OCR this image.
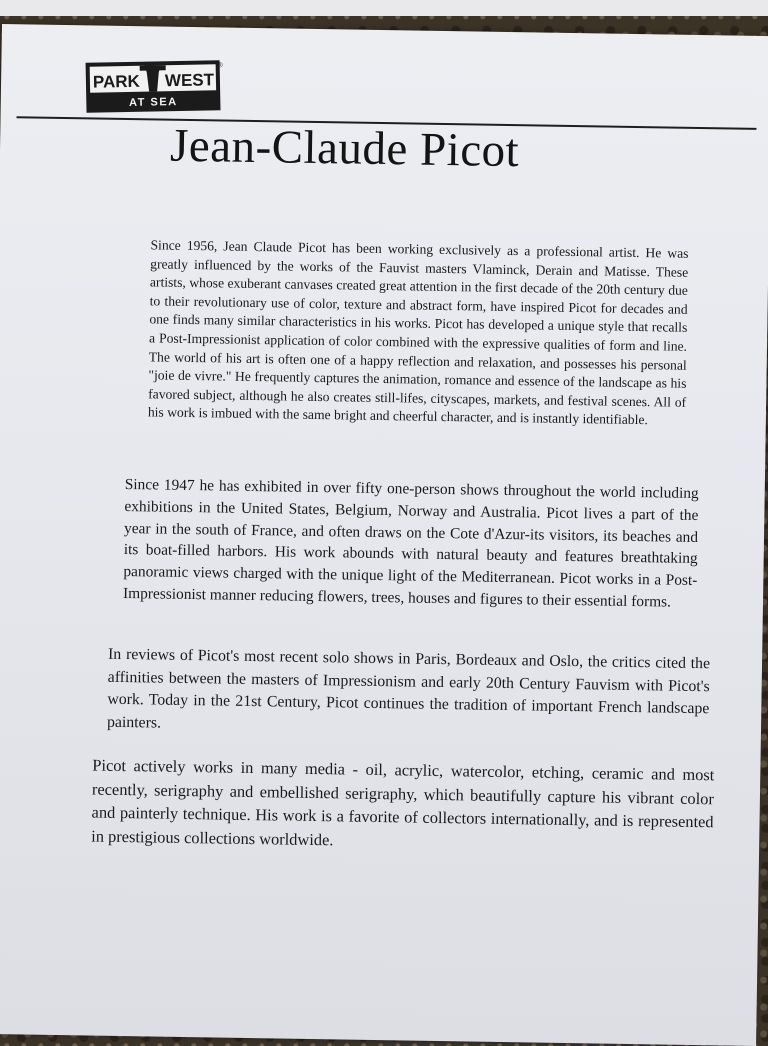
PARK WEST
AT SEA
®
Jean-Claude Picot

Since 1956, Jean Claude Picot has been working exclusively as a professional artist. He was greatly influenced by the works of the Fauvist masters Vlaminck, Derain and Matisse. These artists, whose exuberant canvases created great attention in the first decade of the 20th century due to their revolutionary use of color, texture and abstract form, have inspired Picot for decades and one finds many similar characteristics in his works. Picot has developed a unique style that recalls a Post-Impressionist application of color combined with the expressive qualities of form and line. The world of his art is often one of a happy reflection and relaxation, and possesses his personal "joie de vivre." He frequently captures the animation, romance and essence of the landscape as his favored subject, although he also creates still-lifes, cityscapes, markets, and festival scenes. All of his work is imbued with the same bright and cheerful character, and is instantly identifiable.

Since 1947 he has exhibited in over fifty one-person shows throughout the world including exhibitions in the United States, Belgium, Norway and Australia. Picot lives a part of the year in the south of France, and often draws on the Cote d'Azur-its visitors, its beaches and its boat-filled harbors. His work abounds with natural beauty and features breathtaking panoramic views charged with the unique light of the Mediterranean. Picot works in a Post-Impressionist manner reducing flowers, trees, houses and figures to their essential forms.

In reviews of Picot's most recent solo shows in Paris, Bordeaux and Oslo, the critics cited the affinities between the masters of Impressionism and early 20th Century Fauvism with Picot's work. Today in the 21st Century, Picot continues the tradition of important French landscape painters.

Picot actively works in many media - oil, acrylic, watercolor, etching, ceramic and most recently, serigraphy and embellished serigraphy, which beautifully capture his vibrant color and painterly technique. His work is a favorite of collectors internationally, and is represented in prestigious collections worldwide.
